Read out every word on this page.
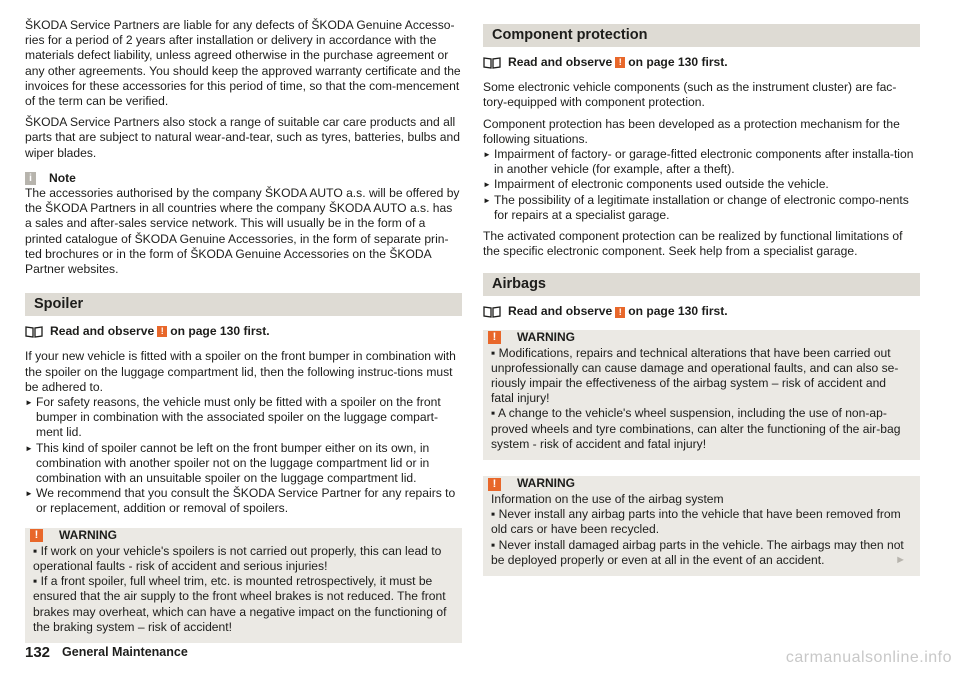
ŠKODA Service Partners are liable for any defects of ŠKODA Genuine Accesso-ries for a period of 2 years after installation or delivery in accordance with the materials defect liability, unless agreed otherwise in the purchase agreement or any other agreements. You should keep the approved warranty certificate and the invoices for these accessories for this period of time, so that the com-mencement of the term can be verified.

ŠKODA Service Partners also stock a range of suitable car care products and all parts that are subject to natural wear-and-tear, such as tyres, batteries, bulbs and wiper blades.

i	Note

The accessories authorised by the company ŠKODA AUTO a.s. will be offered by the ŠKODA Partners in all countries where the company ŠKODA AUTO a.s. has a sales and after-sales service network. This will usually be in the form of a printed catalogue of ŠKODA Genuine Accessories, in the form of separate prin-ted brochures or in the form of ŠKODA Genuine Accessories on the ŠKODA Partner websites.

Spoiler
Read and observe ! on page 130 first.

If your new vehicle is fitted with a spoiler on the front bumper in combination with the spoiler on the luggage compartment lid, then the following instruc-tions must be adhered to.

► For safety reasons, the vehicle must only be fitted with a spoiler on the front bumper in combination with the associated spoiler on the luggage compart-ment lid.

► This kind of spoiler cannot be left on the front bumper either on its own, in combination with another spoiler not on the luggage compartment lid or in combination with an unsuitable spoiler on the luggage compartment lid.

► We recommend that you consult the ŠKODA Service Partner for any repairs to or replacement, addition or removal of spoilers.

!	WARNING

▪ If work on your vehicle's spoilers is not carried out properly, this can lead to operational faults - risk of accident and serious injuries!

▪ If a front spoiler, full wheel trim, etc. is mounted retrospectively, it must be ensured that the air supply to the front wheel brakes is not reduced. The front brakes may overheat, which can have a negative impact on the functioning of the braking system – risk of accident!

Component protection
Read and observe ! on page 130 first.

Some electronic vehicle components (such as the instrument cluster) are fac-tory-equipped with component protection.

Component protection has been developed as a protection mechanism for the following situations.

► Impairment of factory- or garage-fitted electronic components after installa-tion in another vehicle (for example, after a theft).

► Impairment of electronic components used outside the vehicle.

► The possibility of a legitimate installation or change of electronic compo-nents for repairs at a specialist garage.

The activated component protection can be realized by functional limitations of the specific electronic component. Seek help from a specialist garage.

Airbags
Read and observe ! on page 130 first.
!	WARNING

▪ Modifications, repairs and technical alterations that have been carried out unprofessionally can cause damage and operational faults, and can also se-riously impair the effectiveness of the airbag system – risk of accident and fatal injury!

▪ A change to the vehicle's wheel suspension, including the use of non-ap-proved wheels and tyre combinations, can alter the functioning of the air-bag system - risk of accident and fatal injury!

!	WARNING

Information on the use of the airbag system

▪ Never install any airbag parts into the vehicle that have been removed from old cars or have been recycled.

▪ Never install damaged airbag parts in the vehicle. The airbags may then not be deployed properly or even at all in the event of an accident.	►
132 General Maintenance	carmanualsonline.info
